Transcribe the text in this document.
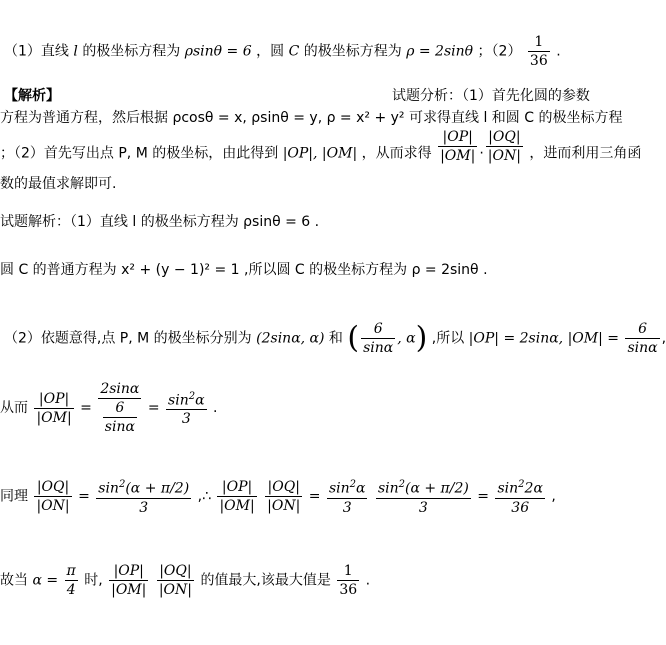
（1）直线 l 的极坐标方程为 ρsinθ = 6 ，圆 C 的极坐标方程为 ρ = 2sinθ ；$(2) \frac{1}{36}$ .
【解析】	试题分析：（1）首先化圆的参数
方程为普通方程，然后根据 ρcosθ = x, ρsinθ = y, ρ = x² + y² 可求得直线 l 和圆 C 的极坐标方程
；（2）首先写出点 P, M 的极坐标，由此得到 |OP|, |OM| ，从而求得 $\frac{|OP|}{|OM|} \cdot \frac{|OQ|}{|ON|}$ ，进而利用三角函
数的最值求解即可.
试题解析：（1）直线 l 的极坐标方程为 ρsinθ = 6 .
圆 C 的普通方程为 x² + (y − 1)² = 1 ,所以圆 C 的极坐标方程为 ρ = 2sinθ .
（2）依题意得,点 P, M 的极坐标分别为 (2sinα, α) 和 ( $\frac{6}{\sin\alpha}$ , α) ,所以 |OP| = 2sinα, $|OM| = \frac{6}{\sin\alpha}$ ,
从而 $\frac{|OP|}{|OM|} = \frac{2\sin\alpha}{\frac{6}{\sin\alpha}} = \frac{\sin^2\alpha}{3}$ .
同理 $\frac{|OQ|}{|ON|} = \frac{\sin^2(\alpha + \pi/2)}{3}$ ,∴ $\frac{|OP|}{|OM|}$
$\frac{|OQ|}{|ON|} = \frac{\sin^2\alpha}{3}$
$\frac{\sin^2(\alpha + \pi/2)}{3} = \frac{\sin^22\alpha}{36}$ ,
故当 $\alpha = \frac{\pi}{4}$ 时, $\frac{|OP|}{|OM|}$
$\frac{|OQ|}{|ON|}$ 的值最大,该最大值是 $\frac{1}{36}$ .
